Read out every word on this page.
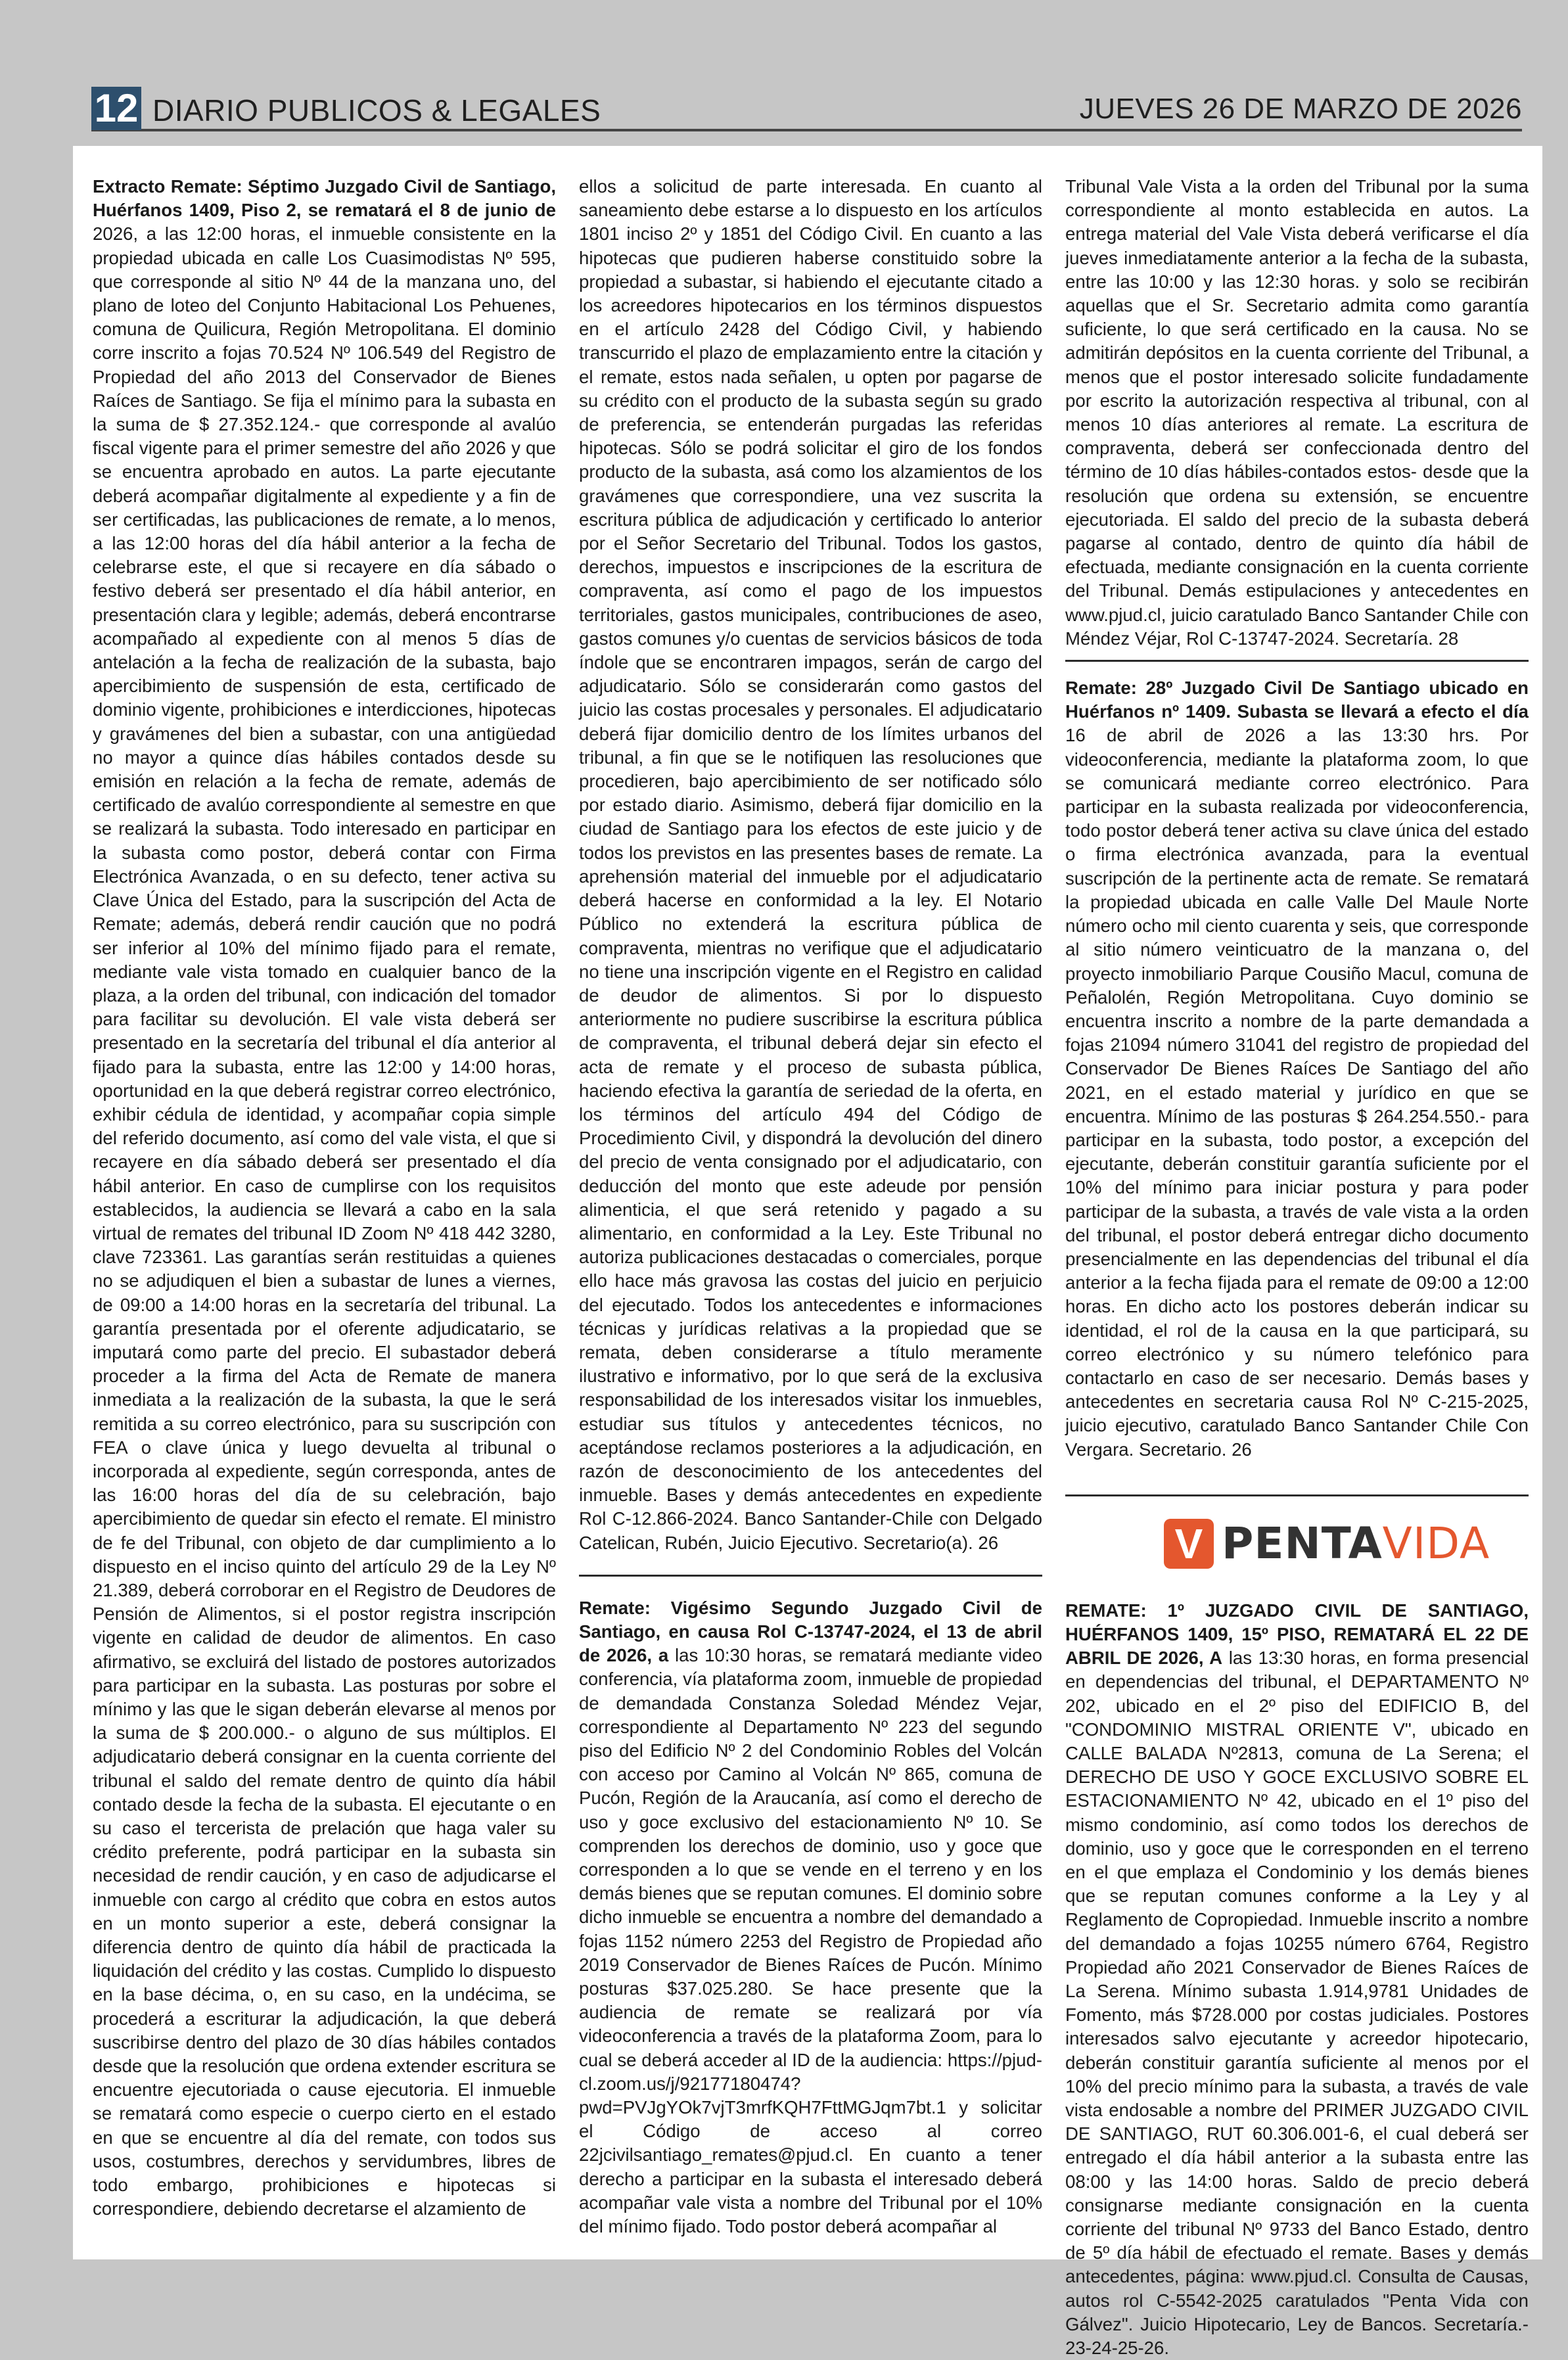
12 DIARIO PUBLICOS & LEGALES	JUEVES 26 DE MARZO DE 2026

Extracto Remate: Séptimo Juzgado Civil de Santiago, Huérfanos 1409, Piso 2, se rematará el 8 de junio de 2026, a las 12:00 horas, el inmueble consistente en la propiedad ubicada en calle Los Cuasimodistas Nº 595, que corresponde al sitio Nº 44 de la manzana uno, del plano de loteo del Conjunto Habitacional Los Pehuenes, comuna de Quilicura, Región Metropolitana. El dominio corre inscrito a fojas 70.524 Nº 106.549 del Registro de Propiedad del año 2013 del Conservador de Bienes Raíces de Santiago. Se fija el mínimo para la subasta en la suma de $ 27.352.124.- que corresponde al avalúo fiscal vigente para el primer semestre del año 2026 y que se encuentra aprobado en autos. La parte ejecutante deberá acompañar digitalmente al expediente y a fin de ser certificadas, las publicaciones de remate, a lo menos, a las 12:00 horas del día hábil anterior a la fecha de celebrarse este, el que si recayere en día sábado o festivo deberá ser presentado el día hábil anterior, en presentación clara y legible; además, deberá encontrarse acompañado al expediente con al menos 5 días de antelación a la fecha de realización de la subasta, bajo apercibimiento de suspensión de esta, certificado de dominio vigente, prohibiciones e interdicciones, hipotecas y gravámenes del bien a subastar, con una antigüedad no mayor a quince días hábiles contados desde su emisión en relación a la fecha de remate, además de certificado de avalúo correspondiente al semestre en que se realizará la subasta. Todo interesado en participar en la subasta como postor, deberá contar con Firma Electrónica Avanzada, o en su defecto, tener activa su Clave Única del Estado, para la suscripción del Acta de Remate; además, deberá rendir caución que no podrá ser inferior al 10% del mínimo fijado para el remate, mediante vale vista tomado en cualquier banco de la plaza, a la orden del tribunal, con indicación del tomador para facilitar su devolución. El vale vista deberá ser presentado en la secretaría del tribunal el día anterior al fijado para la subasta, entre las 12:00 y 14:00 horas, oportunidad en la que deberá registrar correo electrónico, exhibir cédula de identidad, y acompañar copia simple del referido documento, así como del vale vista, el que si recayere en día sábado deberá ser presentado el día hábil anterior. En caso de cumplirse con los requisitos establecidos, la audiencia se llevará a cabo en la sala virtual de remates del tribunal ID Zoom Nº 418 442 3280, clave 723361. Las garantías serán restituidas a quienes no se adjudiquen el bien a subastar de lunes a viernes, de 09:00 a 14:00 horas en la secretaría del tribunal. La garantía presentada por el oferente adjudicatario, se imputará como parte del precio. El subastador deberá proceder a la firma del Acta de Remate de manera inmediata a la realización de la subasta, la que le será remitida a su correo electrónico, para su suscripción con FEA o clave única y luego devuelta al tribunal o incorporada al expediente, según corresponda, antes de las 16:00 horas del día de su celebración, bajo apercibimiento de quedar sin efecto el remate. El ministro de fe del Tribunal, con objeto de dar cumplimiento a lo dispuesto en el inciso quinto del artículo 29 de la Ley Nº 21.389, deberá corroborar en el Registro de Deudores de Pensión de Alimentos, si el postor registra inscripción vigente en calidad de deudor de alimentos. En caso afirmativo, se excluirá del listado de postores autorizados para participar en la subasta. Las posturas por sobre el mínimo y las que le sigan deberán elevarse al menos por la suma de $ 200.000.- o alguno de sus múltiplos. El adjudicatario deberá consignar en la cuenta corriente del tribunal el saldo del remate dentro de quinto día hábil contado desde la fecha de la subasta. El ejecutante o en su caso el tercerista de prelación que haga valer su crédito preferente, podrá participar en la subasta sin necesidad de rendir caución, y en caso de adjudicarse el inmueble con cargo al crédito que cobra en estos autos en un monto superior a este, deberá consignar la diferencia dentro de quinto día hábil de practicada la liquidación del crédito y las costas. Cumplido lo dispuesto en la base décima, o, en su caso, en la undécima, se procederá a escriturar la adjudicación, la que deberá suscribirse dentro del plazo de 30 días hábiles contados desde que la resolución que ordena extender escritura se encuentre ejecutoriada o cause ejecutoria. El inmueble se rematará como especie o cuerpo cierto en el estado en que se encuentre al día del remate, con todos sus usos, costumbres, derechos y servidumbres, libres de todo embargo, prohibiciones e hipotecas si correspondiere, debiendo decretarse el alzamiento de

ellos a solicitud de parte interesada. En cuanto al saneamiento debe estarse a lo dispuesto en los artículos 1801 inciso 2º y 1851 del Código Civil. En cuanto a las hipotecas que pudieren haberse constituido sobre la propiedad a subastar, si habiendo el ejecutante citado a los acreedores hipotecarios en los términos dispuestos en el artículo 2428 del Código Civil, y habiendo transcurrido el plazo de emplazamiento entre la citación y el remate, estos nada señalen, u opten por pagarse de su crédito con el producto de la subasta según su grado de preferencia, se entenderán purgadas las referidas hipotecas. Sólo se podrá solicitar el giro de los fondos producto de la subasta, asá como los alzamientos de los gravámenes que correspondiere, una vez suscrita la escritura pública de adjudicación y certificado lo anterior por el Señor Secretario del Tribunal. Todos los gastos, derechos, impuestos e inscripciones de la escritura de compraventa, así como el pago de los impuestos territoriales, gastos municipales, contribuciones de aseo, gastos comunes y/o cuentas de servicios básicos de toda índole que se encontraren impagos, serán de cargo del adjudicatario. Sólo se considerarán como gastos del juicio las costas procesales y personales. El adjudicatario deberá fijar domicilio dentro de los límites urbanos del tribunal, a fin que se le notifiquen las resoluciones que procedieren, bajo apercibimiento de ser notificado sólo por estado diario. Asimismo, deberá fijar domicilio en la ciudad de Santiago para los efectos de este juicio y de todos los previstos en las presentes bases de remate. La aprehensión material del inmueble por el adjudicatario deberá hacerse en conformidad a la ley. El Notario Público no extenderá la escritura pública de compraventa, mientras no verifique que el adjudicatario no tiene una inscripción vigente en el Registro en calidad de deudor de alimentos. Si por lo dispuesto anteriormente no pudiere suscribirse la escritura pública de compraventa, el tribunal deberá dejar sin efecto el acta de remate y el proceso de subasta pública, haciendo efectiva la garantía de seriedad de la oferta, en los términos del artículo 494 del Código de Procedimiento Civil, y dispondrá la devolución del dinero del precio de venta consignado por el adjudicatario, con deducción del monto que este adeude por pensión alimenticia, el que será retenido y pagado a su alimentario, en conformidad a la Ley. Este Tribunal no autoriza publicaciones destacadas o comerciales, porque ello hace más gravosa las costas del juicio en perjuicio del ejecutado. Todos los antecedentes e informaciones técnicas y jurídicas relativas a la propiedad que se remata, deben considerarse a título meramente ilustrativo e informativo, por lo que será de la exclusiva responsabilidad de los interesados visitar los inmuebles, estudiar sus títulos y antecedentes técnicos, no aceptándose reclamos posteriores a la adjudicación, en razón de desconocimiento de los antecedentes del inmueble. Bases y demás antecedentes en expediente Rol C-12.866-2024. Banco Santander-Chile con Delgado Catelican, Rubén, Juicio Ejecutivo. Secretario(a). 26

Remate: Vigésimo Segundo Juzgado Civil de Santiago, en causa Rol C-13747-2024, el 13 de abril de 2026, a las 10:30 horas, se rematará mediante video conferencia, vía plataforma zoom, inmueble de propiedad de demandada Constanza Soledad Méndez Vejar, correspondiente al Departamento Nº 223 del segundo piso del Edificio Nº 2 del Condominio Robles del Volcán con acceso por Camino al Volcán Nº 865, comuna de Pucón, Región de la Araucanía, así como el derecho de uso y goce exclusivo del estacionamiento Nº 10. Se comprenden los derechos de dominio, uso y goce que corresponden a lo que se vende en el terreno y en los demás bienes que se reputan comunes. El dominio sobre dicho inmueble se encuentra a nombre del demandado a fojas 1152 número 2253 del Registro de Propiedad año 2019 Conservador de Bienes Raíces de Pucón. Mínimo posturas $37.025.280. Se hace presente que la audiencia de remate se realizará por vía videoconferencia a través de la plataforma Zoom, para lo cual se deberá acceder al ID de la audiencia: https://pjud-cl.zoom.us/j/92177180474?pwd=PVJgYOk7vjT3mrfKQH7FttMGJqm7bt.1 y solicitar el Código de acceso al correo 22jcivilsantiago_remates@pjud.cl. En cuanto a tener derecho a participar en la subasta el interesado deberá acompañar vale vista a nombre del Tribunal por el 10% del mínimo fijado. Todo postor deberá acompañar al

Tribunal Vale Vista a la orden del Tribunal por la suma correspondiente al monto establecida en autos. La entrega material del Vale Vista deberá verificarse el día jueves inmediatamente anterior a la fecha de la subasta, entre las 10:00 y las 12:30 horas. y solo se recibirán aquellas que el Sr. Secretario admita como garantía suficiente, lo que será certificado en la causa. No se admitirán depósitos en la cuenta corriente del Tribunal, a menos que el postor interesado solicite fundadamente por escrito la autorización respectiva al tribunal, con al menos 10 días anteriores al remate. La escritura de compraventa, deberá ser confeccionada dentro del término de 10 días hábiles-contados estos- desde que la resolución que ordena su extensión, se encuentre ejecutoriada. El saldo del precio de la subasta deberá pagarse al contado, dentro de quinto día hábil de efectuada, mediante consignación en la cuenta corriente del Tribunal. Demás estipulaciones y antecedentes en www.pjud.cl, juicio caratulado Banco Santander Chile con Méndez Véjar, Rol C-13747-2024. Secretaría. 28

Remate: 28º Juzgado Civil De Santiago ubicado en Huérfanos nº 1409. Subasta se llevará a efecto el día 16 de abril de 2026 a las 13:30 hrs. Por videoconferencia, mediante la plataforma zoom, lo que se comunicará mediante correo electrónico. Para participar en la subasta realizada por videoconferencia, todo postor deberá tener activa su clave única del estado o firma electrónica avanzada, para la eventual suscripción de la pertinente acta de remate. Se rematará la propiedad ubicada en calle Valle Del Maule Norte número ocho mil ciento cuarenta y seis, que corresponde al sitio número veinticuatro de la manzana o, del proyecto inmobiliario Parque Cousiño Macul, comuna de Peñalolén, Región Metropolitana. Cuyo dominio se encuentra inscrito a nombre de la parte demandada a fojas 21094 número 31041 del registro de propiedad del Conservador De Bienes Raíces De Santiago del año 2021, en el estado material y jurídico en que se encuentra. Mínimo de las posturas $ 264.254.550.- para participar en la subasta, todo postor, a excepción del ejecutante, deberán constituir garantía suficiente por el 10% del mínimo para iniciar postura y para poder participar de la subasta, a través de vale vista a la orden del tribunal, el postor deberá entregar dicho documento presencialmente en las dependencias del tribunal el día anterior a la fecha fijada para el remate de 09:00 a 12:00 horas. En dicho acto los postores deberán indicar su identidad, el rol de la causa en la que participará, su correo electrónico y su número telefónico para contactarlo en caso de ser necesario. Demás bases y antecedentes en secretaria causa Rol Nº C-215-2025, juicio ejecutivo, caratulado Banco Santander Chile Con Vergara. Secretario. 26

V PENTAVIDA

REMATE: 1º JUZGADO CIVIL DE SANTIAGO, HUÉRFANOS 1409, 15º PISO, REMATARÁ EL 22 DE ABRIL DE 2026, A las 13:30 horas, en forma presencial en dependencias del tribunal, el DEPARTAMENTO Nº 202, ubicado en el 2º piso del EDIFICIO B, del "CONDOMINIO MISTRAL ORIENTE V", ubicado en CALLE BALADA Nº2813, comuna de La Serena; el DERECHO DE USO Y GOCE EXCLUSIVO SOBRE EL ESTACIONAMIENTO Nº 42, ubicado en el 1º piso del mismo condominio, así como todos los derechos de dominio, uso y goce que le corresponden en el terreno en el que emplaza el Condominio y los demás bienes que se reputan comunes conforme a la Ley y al Reglamento de Copropiedad. Inmueble inscrito a nombre del demandado a fojas 10255 número 6764, Registro Propiedad año 2021 Conservador de Bienes Raíces de La Serena. Mínimo subasta 1.914,9781 Unidades de Fomento, más $728.000 por costas judiciales. Postores interesados salvo ejecutante y acreedor hipotecario, deberán constituir garantía suficiente al menos por el 10% del precio mínimo para la subasta, a través de vale vista endosable a nombre del PRIMER JUZGADO CIVIL DE SANTIAGO, RUT 60.306.001-6, el cual deberá ser entregado el día hábil anterior a la subasta entre las 08:00 y las 14:00 horas. Saldo de precio deberá consignarse mediante consignación en la cuenta corriente del tribunal Nº 9733 del Banco Estado, dentro de 5º día hábil de efectuado el remate. Bases y demás antecedentes, página: www.pjud.cl. Consulta de Causas, autos rol C-5542-2025 caratulados "Penta Vida con Gálvez". Juicio Hipotecario, Ley de Bancos. Secretaría.- 23-24-25-26.
